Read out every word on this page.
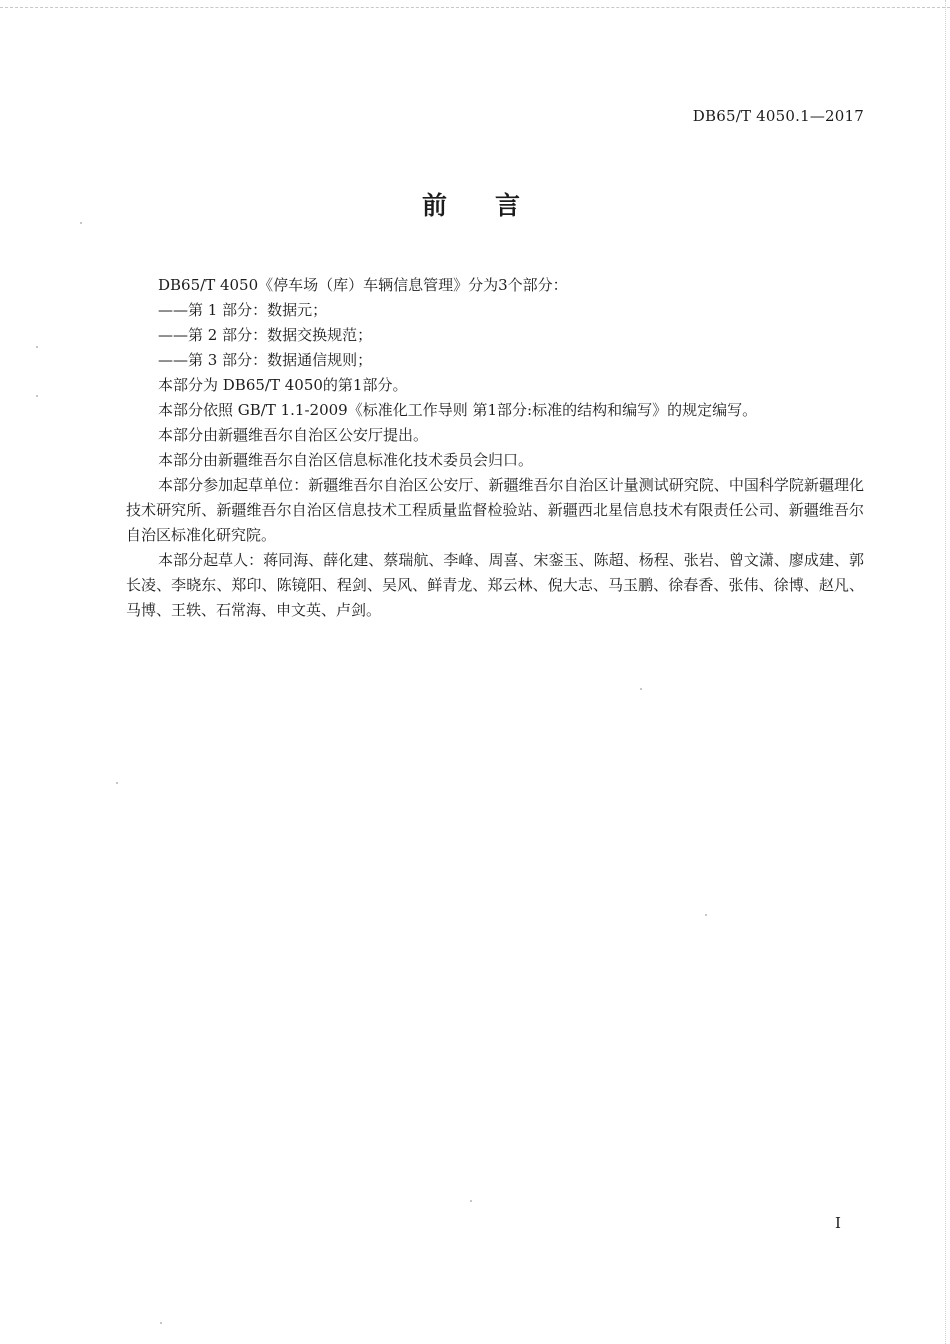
DB65/T 4050.1—2017
前言

DB65/T 4050《停车场（库）车辆信息管理》分为3个部分：

——第 1 部分：数据元；

——第 2 部分：数据交换规范；

——第 3 部分：数据通信规则；

本部分为 DB65/T 4050的第1部分。

本部分依照 GB/T 1.1-2009《标准化工作导则 第1部分:标准的结构和编写》的规定编写。

本部分由新疆维吾尔自治区公安厅提出。

本部分由新疆维吾尔自治区信息标准化技术委员会归口。

本部分参加起草单位：新疆维吾尔自治区公安厅、新疆维吾尔自治区计量测试研究院、中国科学院新疆理化技术研究所、新疆维吾尔自治区信息技术工程质量监督检验站、新疆西北星信息技术有限责任公司、新疆维吾尔自治区标准化研究院。

本部分起草人：蒋同海、薛化建、蔡瑞航、李峰、周喜、宋銮玉、陈超、杨程、张岩、曾文潇、廖成建、郭长凌、李晓东、郑印、陈镜阳、程剑、吴风、鲜青龙、郑云林、倪大志、马玉鹏、徐春香、张伟、徐博、赵凡、马博、王轶、石常海、申文英、卢剑。

I
